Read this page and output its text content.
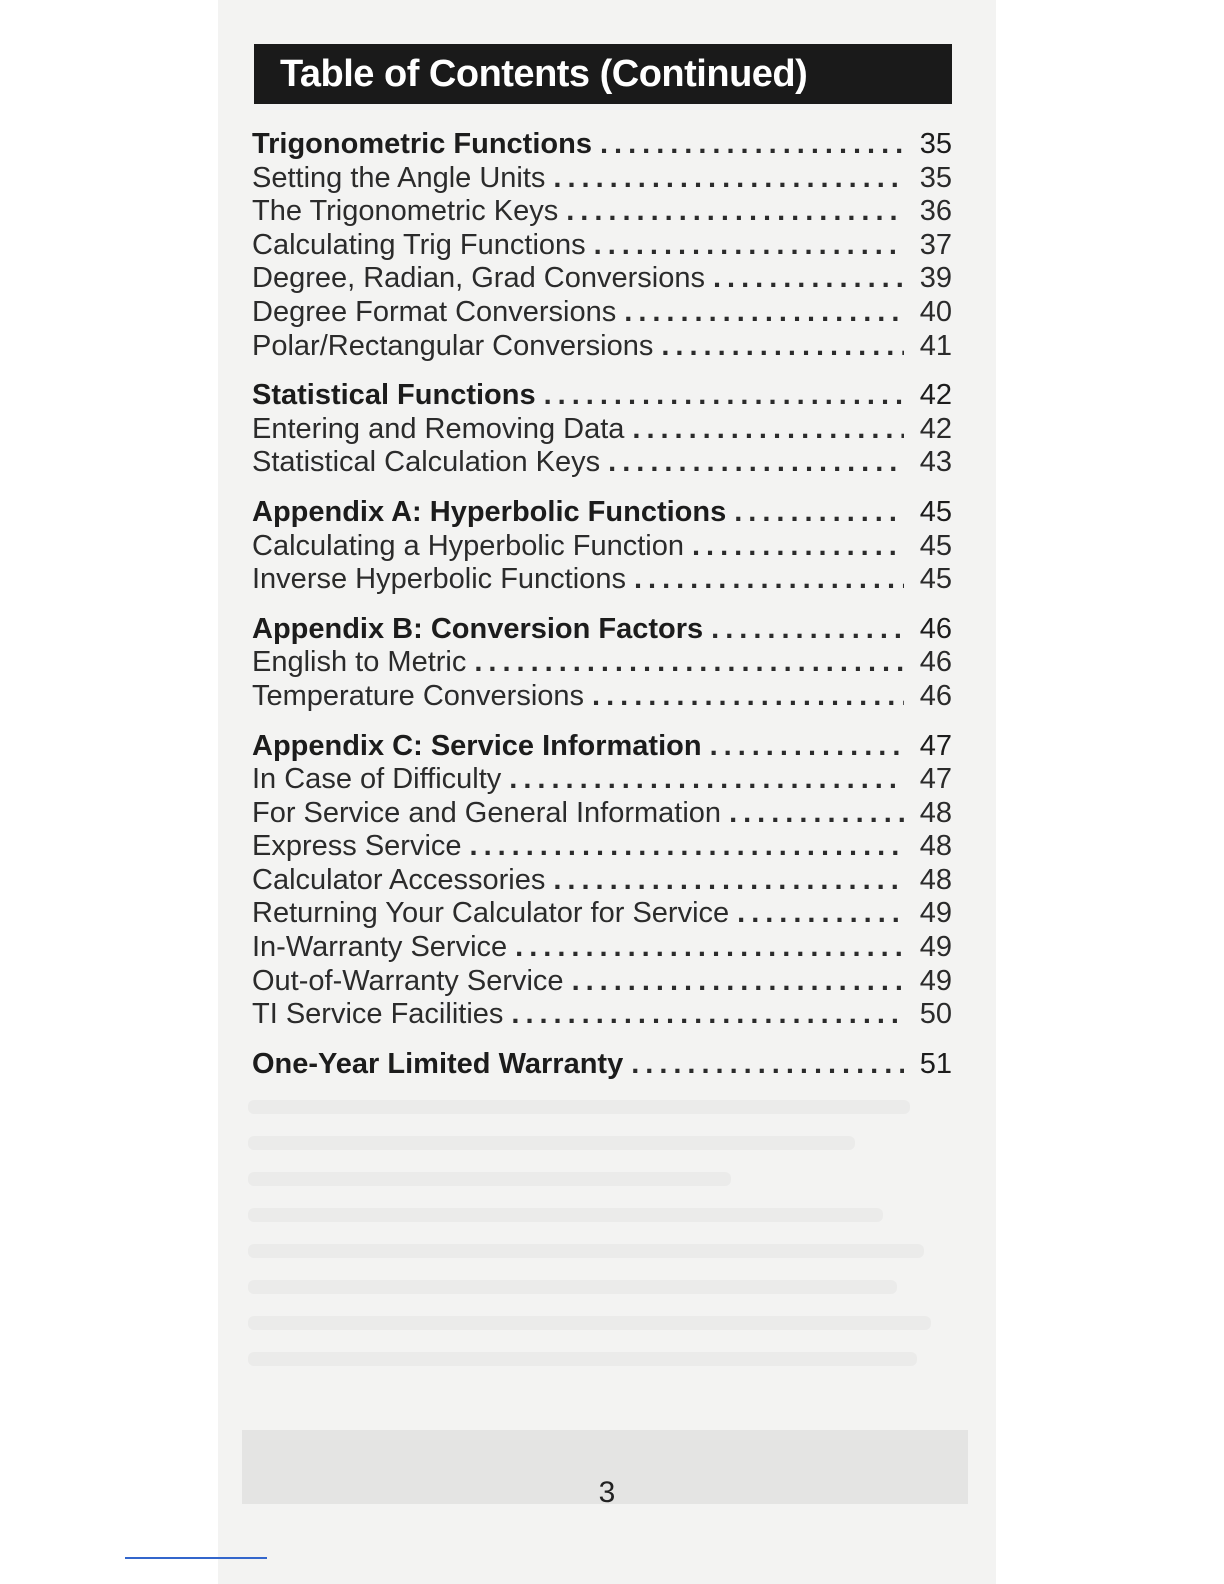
Table of Contents (Continued)
Trigonometric Functions .....	35
Setting the Angle Units .....	35
The Trigonometric Keys .....	36
Calculating Trig Functions .....	37
Degree, Radian, Grad Conversions .....	39
Degree Format Conversions .....	40
Polar/Rectangular Conversions .....	41
Statistical Functions .....	42
Entering and Removing Data .....	42
Statistical Calculation Keys .....	43
Appendix A: Hyperbolic Functions .....	45
Calculating a Hyperbolic Function .....	45
Inverse Hyperbolic Functions .....	45
Appendix B: Conversion Factors .....	46
English to Metric .....	46
Temperature Conversions .....	46
Appendix C: Service Information .....	47
In Case of Difficulty .....	47
For Service and General Information .....	48
Express Service .....	48
Calculator Accessories .....	48
Returning Your Calculator for Service .....	49
In-Warranty Service .....	49
Out-of-Warranty Service .....	49
TI Service Facilities .....	50
One-Year Limited Warranty .....	51
3
